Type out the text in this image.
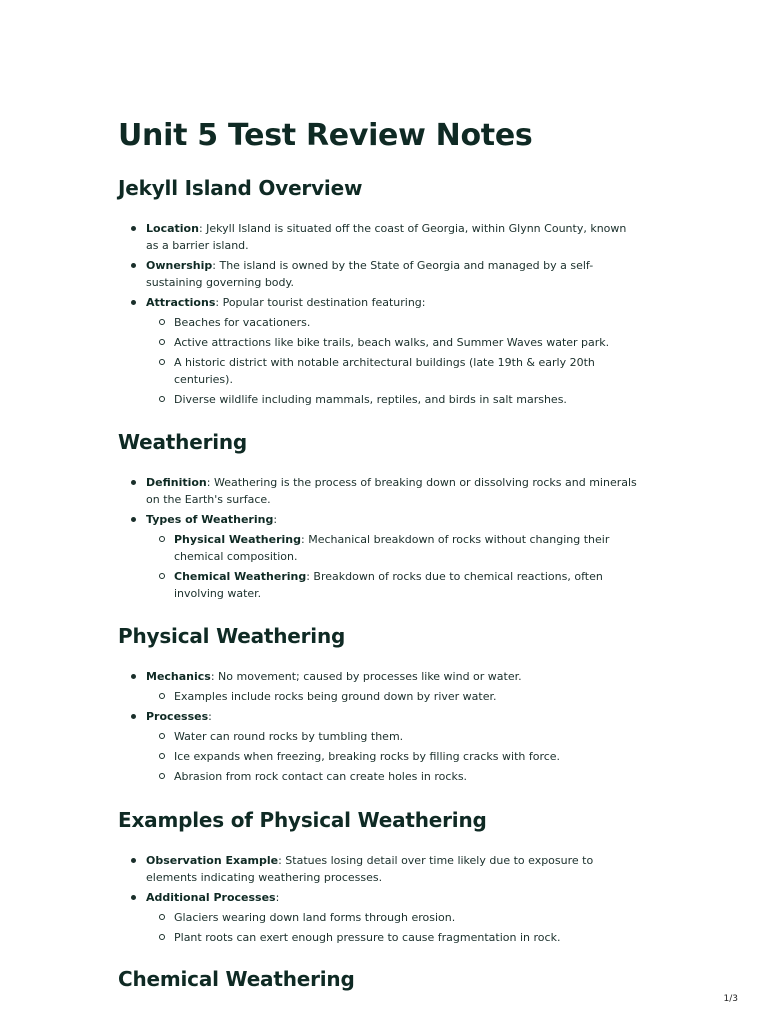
Unit 5 Test Review Notes
Jekyll Island Overview
Location: Jekyll Island is situated off the coast of Georgia, within Glynn County, known as a barrier island.
Ownership: The island is owned by the State of Georgia and managed by a self-sustaining governing body.
Attractions: Popular tourist destination featuring:
Beaches for vacationers.
Active attractions like bike trails, beach walks, and Summer Waves water park.
A historic district with notable architectural buildings (late 19th & early 20th centuries).
Diverse wildlife including mammals, reptiles, and birds in salt marshes.
Weathering
Definition: Weathering is the process of breaking down or dissolving rocks and minerals on the Earth's surface.
Types of Weathering:
Physical Weathering: Mechanical breakdown of rocks without changing their chemical composition.
Chemical Weathering: Breakdown of rocks due to chemical reactions, often involving water.
Physical Weathering
Mechanics: No movement; caused by processes like wind or water.
Examples include rocks being ground down by river water.
Processes:
Water can round rocks by tumbling them.
Ice expands when freezing, breaking rocks by filling cracks with force.
Abrasion from rock contact can create holes in rocks.
Examples of Physical Weathering
Observation Example: Statues losing detail over time likely due to exposure to elements indicating weathering processes.
Additional Processes:
Glaciers wearing down land forms through erosion.
Plant roots can exert enough pressure to cause fragmentation in rock.
Chemical Weathering
1/3
